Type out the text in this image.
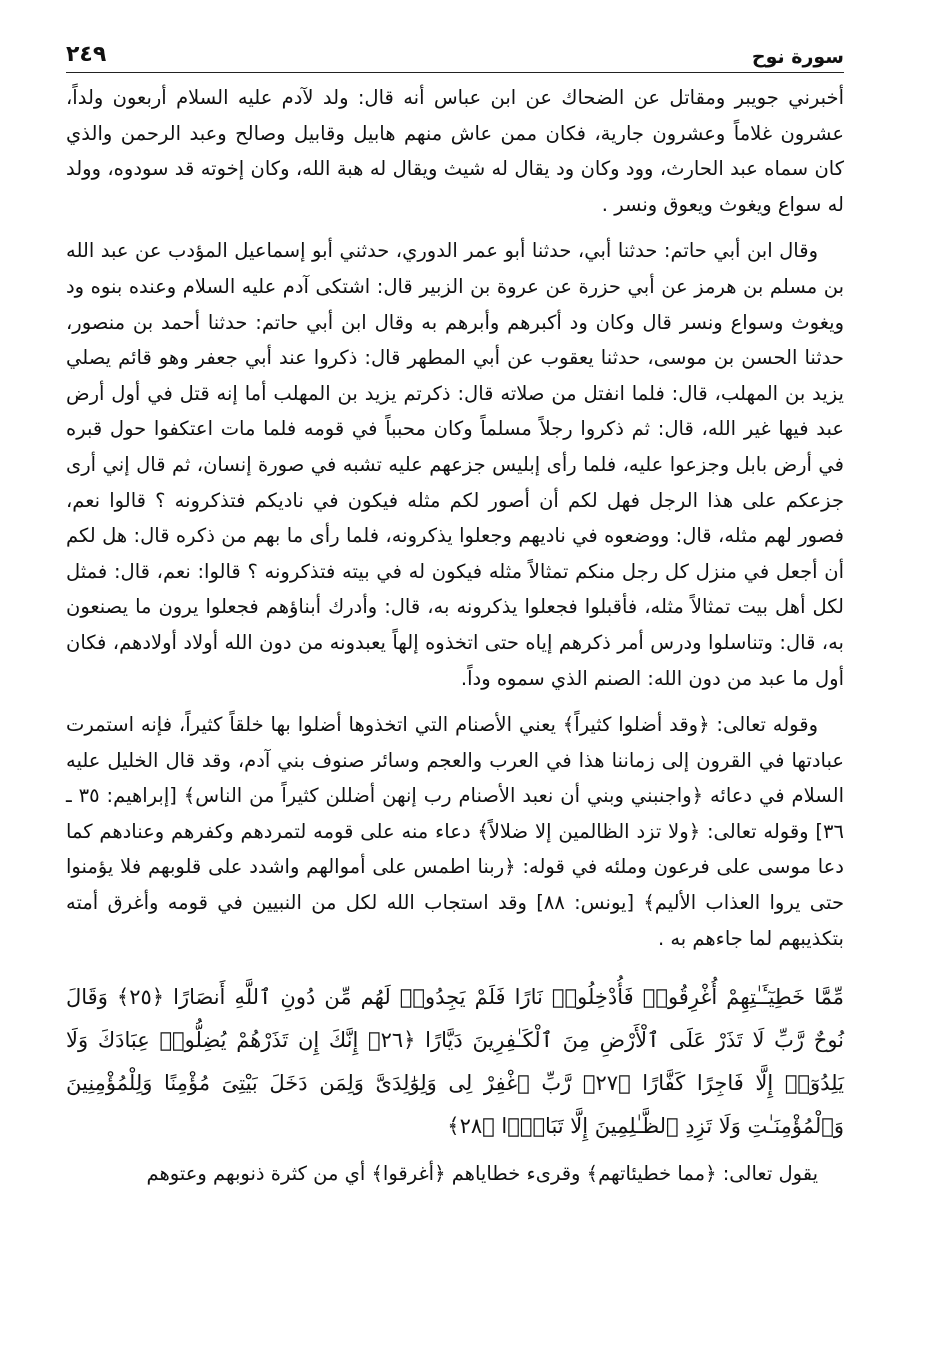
سورة نوح
٢٤٩

أخبرني جويبر ومقاتل عن الضحاك عن ابن عباس أنه قال: ولد لآدم عليه السلام أربعون ولداً، عشرون غلاماً وعشرون جارية، فكان ممن عاش منهم هابيل وقابيل وصالح وعبد الرحمن والذي كان سماه عبد الحارث، وود وكان ود يقال له شيث ويقال له هبة الله، وكان إخوته قد سودوه، وولد له سواع ويغوث ويعوق ونسر .

وقال ابن أبي حاتم: حدثنا أبي، حدثنا أبو عمر الدوري، حدثني أبو إسماعيل المؤدب عن عبد الله بن مسلم بن هرمز عن أبي حزرة عن عروة بن الزبير قال: اشتكى آدم عليه السلام وعنده بنوه ود ويغوث وسواع ونسر قال وكان ود أكبرهم وأبرهم به وقال ابن أبي حاتم: حدثنا أحمد بن منصور، حدثنا الحسن بن موسى، حدثنا يعقوب عن أبي المطهر قال: ذكروا عند أبي جعفر وهو قائم يصلي يزيد بن المهلب، قال: فلما انفتل من صلاته قال: ذكرتم يزيد بن المهلب أما إنه قتل في أول أرض عبد فيها غير الله، قال: ثم ذكروا رجلاً مسلماً وكان محبباً في قومه فلما مات اعتكفوا حول قبره في أرض بابل وجزعوا عليه، فلما رأى إبليس جزعهم عليه تشبه في صورة إنسان، ثم قال إني أرى جزعكم على هذا الرجل فهل لكم أن أصور لكم مثله فيكون في ناديكم فتذكرونه ؟ قالوا نعم، فصور لهم مثله، قال: ووضعوه في ناديهم وجعلوا يذكرونه، فلما رأى ما بهم من ذكره قال: هل لكم أن أجعل في منزل كل رجل منكم تمثالاً مثله فيكون له في بيته فتذكرونه ؟ قالوا: نعم، قال: فمثل لكل أهل بيت تمثالاً مثله، فأقبلوا فجعلوا يذكرونه به، قال: وأدرك أبناؤهم فجعلوا يرون ما يصنعون به، قال: وتناسلوا ودرس أمر ذكرهم إياه حتى اتخذوه إلهاً يعبدونه من دون الله أولاد أولادهم، فكان أول ما عبد من دون الله: الصنم الذي سموه وداً.

وقوله تعالى: ﴿وقد أضلوا كثيراً﴾ يعني الأصنام التي اتخذوها أضلوا بها خلقاً كثيراً، فإنه استمرت عبادتها في القرون إلى زماننا هذا في العرب والعجم وسائر صنوف بني آدم، وقد قال الخليل عليه السلام في دعائه ﴿واجنبني وبني أن نعبد الأصنام رب إنهن أضللن كثيراً من الناس﴾ [إبراهيم: ٣٥ ـ ٣٦] وقوله تعالى: ﴿ولا تزد الظالمين إلا ضلالاً﴾ دعاء منه على قومه لتمردهم وكفرهم وعنادهم كما دعا موسى على فرعون وملئه في قوله: ﴿ربنا اطمس على أموالهم واشدد على قلوبهم فلا يؤمنوا حتى يروا العذاب الأليم﴾ [يونس: ٨٨] وقد استجاب الله لكل من النبيين في قومه وأغرق أمته بتكذيبهم لما جاءهم به .

مِّمَّا خَطِيٓـَٔـٰتِهِمْ أُغْرِقُوا۟ فَأُدْخِلُوا۟ نَارًا فَلَمْ يَجِدُوا۟ لَهُم مِّن دُونِ ٱللَّهِ أَنصَارًا ﴿٢٥﴾ وَقَالَ نُوحٌ رَّبِّ لَا تَذَرْ عَلَى ٱلْأَرْضِ مِنَ ٱلْكَـٰفِرِينَ دَيَّارًا ﴿٢٦﴾ إِنَّكَ إِن تَذَرْهُمْ يُضِلُّوا۟ عِبَادَكَ وَلَا يَلِدُوٓا۟ إِلَّا فَاجِرًا كَفَّارًا ﴿٢٧﴾ رَّبِّ ٱغْفِرْ لِى وَلِوَٰلِدَىَّ وَلِمَن دَخَلَ بَيْتِىَ مُؤْمِنًا وَلِلْمُؤْمِنِينَ وَٱلْمُؤْمِنَـٰتِ وَلَا تَزِدِ ٱلظَّـٰلِمِينَ إِلَّا تَبَارًۢا ﴿٢٨﴾

يقول تعالى: ﴿مما خطيئاتهم﴾ وقرىء خطاياهم ﴿أغرقوا﴾ أي من كثرة ذنوبهم وعتوهم
